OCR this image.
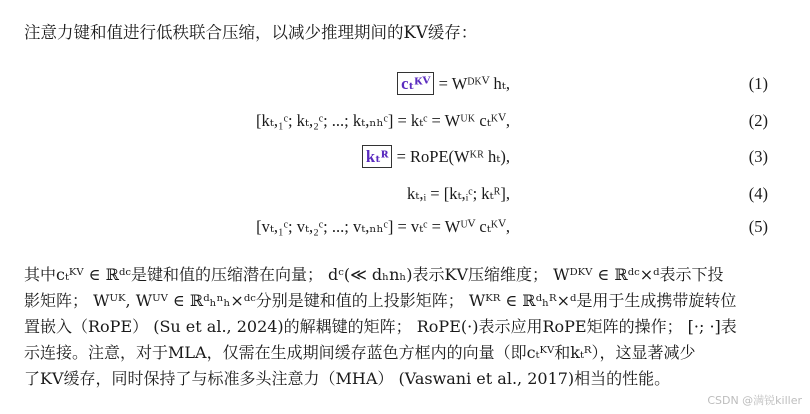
注意力键和值进行低秩联合压缩，以减少推理期间的KV缓存：
cₜᴷⱽ = Wᴰᴷⱽ hₜ,	(1)
[kₜ,₁ᶜ; kₜ,₂ᶜ; ...; kₜ,ₙₕᶜ] = kₜᶜ = Wᵁᴷ cₜᴷⱽ,	(2)
kₜᴿ = RoPE(Wᴷᴿ hₜ),	(3)
kₜ,ᵢ = [kₜ,ᵢᶜ; kₜᴿ],	(4)
[vₜ,₁ᶜ; vₜ,₂ᶜ; ...; vₜ,ₙₕᶜ] = vₜᶜ = Wᵁⱽ cₜᴷⱽ,	(5)
其中cₜᴷⱽ ∈ ℝᵈᶜ是键和值的压缩潜在向量； dᶜ(≪ dₕnₕ)表示KV压缩维度； Wᴰᴷⱽ ∈ ℝᵈᶜ×ᵈ表示下投
影矩阵； Wᵁᴷ, Wᵁⱽ ∈ ℝᵈₕⁿₕ×ᵈᶜ分别是键和值的上投影矩阵； Wᴷᴿ ∈ ℝᵈₕᴿ×ᵈ是用于生成携带旋转位
置嵌入（RoPE） (Su et al., 2024)的解耦键的矩阵； RoPE(·)表示应用RoPE矩阵的操作； [·; ·]表
示连接。注意，对于MLA，仅需在生成期间缓存蓝色方框内的向量（即cₜᴷⱽ和kₜᴿ），这显著减少
了KV缓存，同时保持了与标准多头注意力（MHA） (Vaswani et al., 2017)相当的性能。
CSDN @满锐killer
